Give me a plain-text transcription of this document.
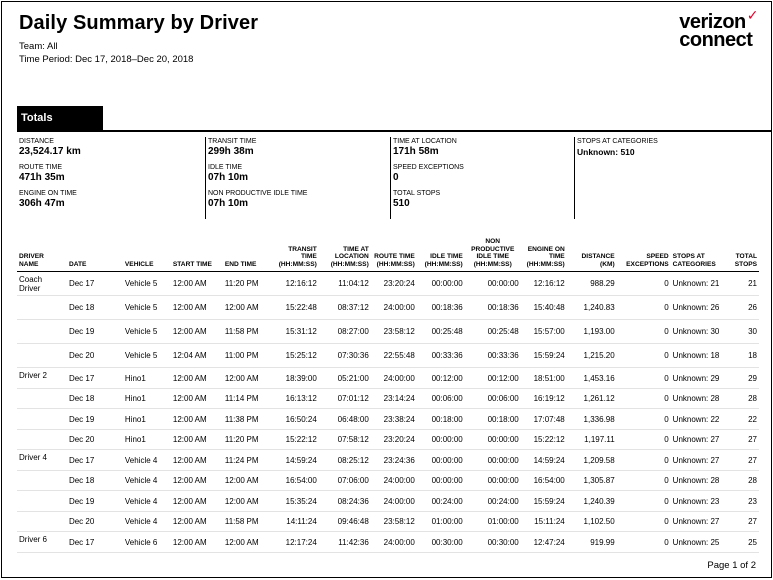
Daily Summary by Driver
Team: All
Time Period: Dec 17, 2018–Dec 20, 2018
verizon✓
connect
Totals
DISTANCE
23,524.17 km
ROUTE TIME
471h 35m
ENGINE ON TIME
306h 47m
TRANSIT TIME
299h 38m
IDLE TIME
07h 10m
NON PRODUCTIVE IDLE TIME
07h 10m
TIME AT LOCATION
171h 58m
SPEED EXCEPTIONS
0
TOTAL STOPS
510
STOPS AT CATEGORIES
Unknown: 510
DRIVER NAME	DATE	VEHICLE	START TIME	END TIME	TRANSIT TIME (HH:MM:SS)	TIME AT LOCATION (HH:MM:SS)	ROUTE TIME (HH:MM:SS)	IDLE TIME (HH:MM:SS)	NON PRODUCTIVE IDLE TIME (HH:MM:SS)	ENGINE ON TIME (HH:MM:SS)	DISTANCE (KM)	SPEED EXCEPTIONS	STOPS AT CATEGORIES	TOTAL STOPS
Coach Driver	Dec 17	Vehicle 5	12:00 AM	11:20 PM	12:16:12	11:04:12	23:20:24	00:00:00	00:00:00	12:16:12	988.29	0	Unknown: 21	21
	Dec 18	Vehicle 5	12:00 AM	12:00 AM	15:22:48	08:37:12	24:00:00	00:18:36	00:18:36	15:40:48	1,240.83	0	Unknown: 26	26
	Dec 19	Vehicle 5	12:00 AM	11:58 PM	15:31:12	08:27:00	23:58:12	00:25:48	00:25:48	15:57:00	1,193.00	0	Unknown: 30	30
	Dec 20	Vehicle 5	12:04 AM	11:00 PM	15:25:12	07:30:36	22:55:48	00:33:36	00:33:36	15:59:24	1,215.20	0	Unknown: 18	18
Driver 2	Dec 17	Hino1	12:00 AM	12:00 AM	18:39:00	05:21:00	24:00:00	00:12:00	00:12:00	18:51:00	1,453.16	0	Unknown: 29	29
	Dec 18	Hino1	12:00 AM	11:14 PM	16:13:12	07:01:12	23:14:24	00:06:00	00:06:00	16:19:12	1,261.12	0	Unknown: 28	28
	Dec 19	Hino1	12:00 AM	11:38 PM	16:50:24	06:48:00	23:38:24	00:18:00	00:18:00	17:07:48	1,336.98	0	Unknown: 22	22
	Dec 20	Hino1	12:00 AM	11:20 PM	15:22:12	07:58:12	23:20:24	00:00:00	00:00:00	15:22:12	1,197.11	0	Unknown: 27	27
Driver 4	Dec 17	Vehicle 4	12:00 AM	11:24 PM	14:59:24	08:25:12	23:24:36	00:00:00	00:00:00	14:59:24	1,209.58	0	Unknown: 27	27
	Dec 18	Vehicle 4	12:00 AM	12:00 AM	16:54:00	07:06:00	24:00:00	00:00:00	00:00:00	16:54:00	1,305.87	0	Unknown: 28	28
	Dec 19	Vehicle 4	12:00 AM	12:00 AM	15:35:24	08:24:36	24:00:00	00:24:00	00:24:00	15:59:24	1,240.39	0	Unknown: 23	23
	Dec 20	Vehicle 4	12:00 AM	11:58 PM	14:11:24	09:46:48	23:58:12	01:00:00	01:00:00	15:11:24	1,102.50	0	Unknown: 27	27
Driver 6	Dec 17	Vehicle 6	12:00 AM	12:00 AM	12:17:24	11:42:36	24:00:00	00:30:00	00:30:00	12:47:24	919.99	0	Unknown: 25	25
Page 1 of 2
